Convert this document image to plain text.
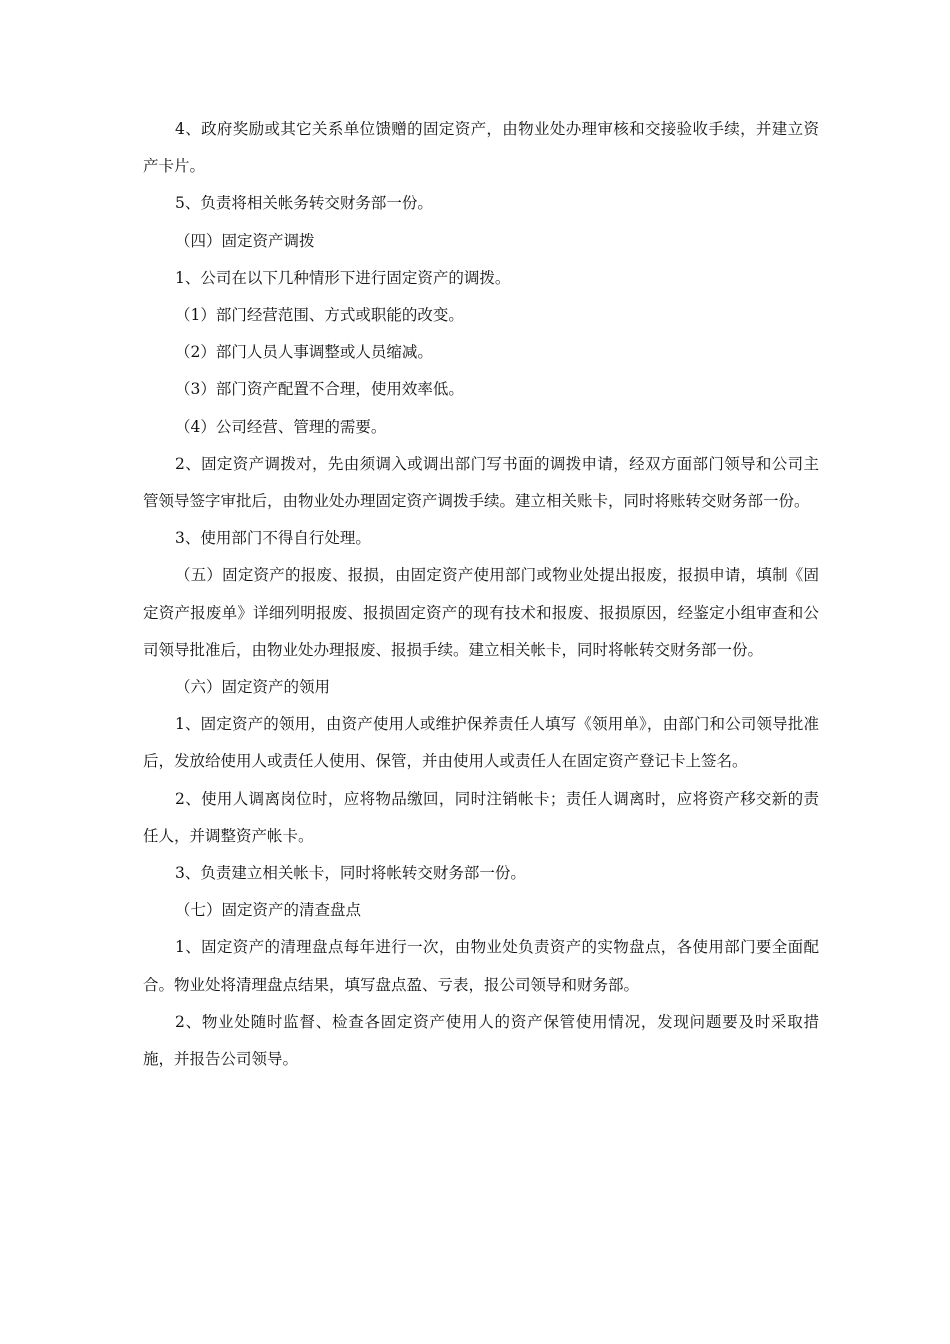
4、政府奖励或其它关系单位馈赠的固定资产，由物业处办理审核和交接验收手续，并建立资产卡片。

5、负责将相关帐务转交财务部一份。

（四）固定资产调拨

1、公司在以下几种情形下进行固定资产的调拨。

（1）部门经营范围、方式或职能的改变。

（2）部门人员人事调整或人员缩减。

（3）部门资产配置不合理，使用效率低。

（4）公司经营、管理的需要。

2、固定资产调拨对，先由须调入或调出部门写书面的调拨申请，经双方面部门领导和公司主管领导签字审批后，由物业处办理固定资产调拨手续。建立相关账卡，同时将账转交财务部一份。

3、使用部门不得自行处理。

（五）固定资产的报废、报损，由固定资产使用部门或物业处提出报废，报损申请，填制《固定资产报废单》详细列明报废、报损固定资产的现有技术和报废、报损原因，经鉴定小组审查和公司领导批准后，由物业处办理报废、报损手续。建立相关帐卡，同时将帐转交财务部一份。

（六）固定资产的领用

1、固定资产的领用，由资产使用人或维护保养责任人填写《领用单》，由部门和公司领导批准后，发放给使用人或责任人使用、保管，并由使用人或责任人在固定资产登记卡上签名。

2、使用人调离岗位时，应将物品缴回，同时注销帐卡；责任人调离时，应将资产移交新的责任人，并调整资产帐卡。

3、负责建立相关帐卡，同时将帐转交财务部一份。

（七）固定资产的清查盘点

1、固定资产的清理盘点每年进行一次，由物业处负责资产的实物盘点，各使用部门要全面配合。物业处将清理盘点结果，填写盘点盈、亏表，报公司领导和财务部。

2、物业处随时监督、检查各固定资产使用人的资产保管使用情况，发现问题要及时采取措施，并报告公司领导。
